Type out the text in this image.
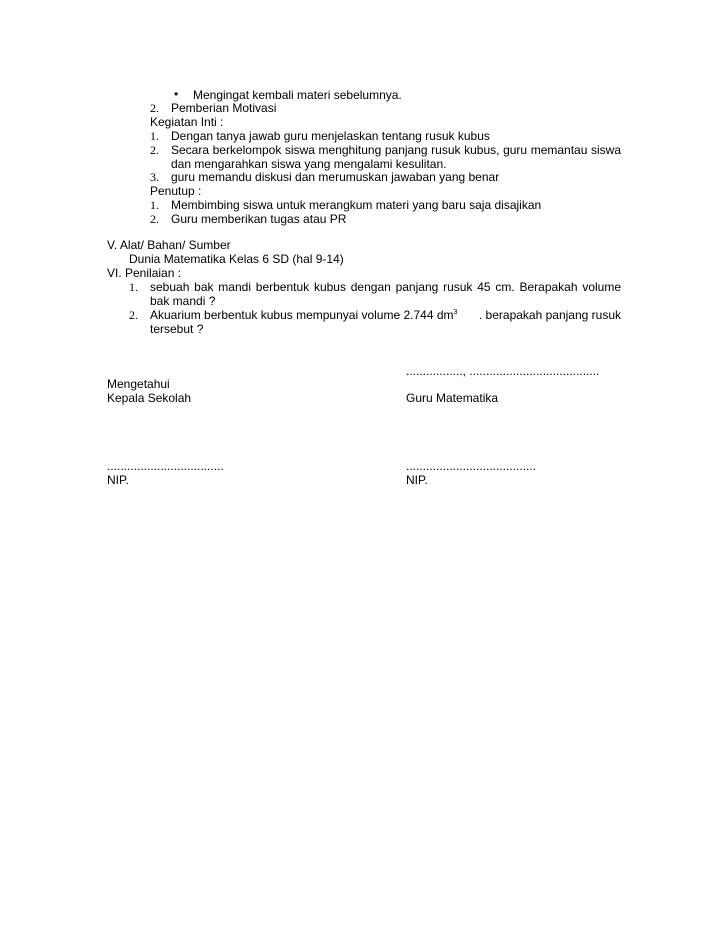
• Mengingat kembali materi sebelumnya.
2. Pemberian Motivasi
Kegiatan Inti :
1. Dengan tanya jawab guru menjelaskan tentang rusuk kubus
2. Secara berkelompok siswa menghitung panjang rusuk kubus, guru memantau siswa
dan mengarahkan siswa yang mengalami kesulitan.
3. guru memandu diskusi dan merumuskan jawaban yang benar
Penutup :
1. Membimbing siswa untuk merangkum materi yang baru saja disajikan
2. Guru memberikan tugas atau PR
V. Alat/ Bahan/ Sumber
Dunia Matematika Kelas 6 SD (hal 9-14)
VI. Penilaian :
1. sebuah bak mandi berbentuk kubus dengan panjang rusuk 45 cm. Berapakah volume
bak mandi ?
2. Akuarium berbentuk kubus mempunyai volume 2.744 $dm^3$ . berapakah panjang rusuk
tersebut ?
................., .......................................
Mengetahui
Kepala Sekolah	Guru Matematika
...................................	.......................................
NIP.	NIP.
